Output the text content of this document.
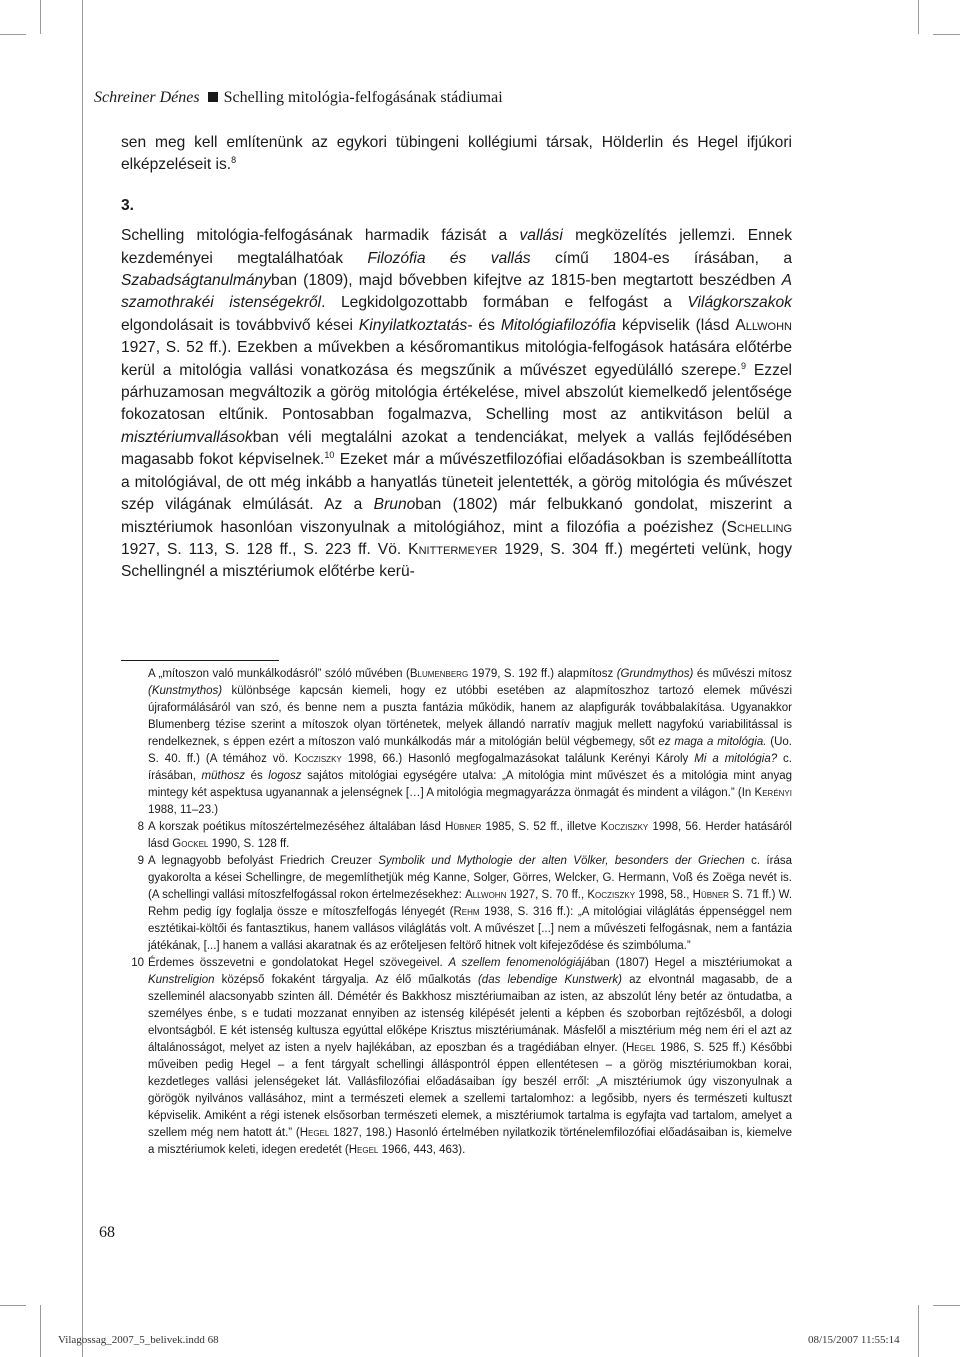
Schreiner Dénes Schelling mitológia-felfogásának stádiumai

sen meg kell említenünk az egykori tübingeni kollégiumi társak, Hölderlin és Hegel ifjúkori elképzeléseit is.$^8$

3.

Schelling mitológia-felfogásának harmadik fázisát a vallási megközelítés jellemzi. Ennek kezdeményei megtalálhatóak Filozófia és vallás című 1804-es írásában, a Szabadságtanulmányban (1809), majd bővebben kifejtve az 1815-ben megtartott beszédben A szamothrakéi istenségekről. Legkidolgozottabb formában e felfogást a Világkorszakok elgondolásait is továbbvivő kései Kinyilatkoztatás- és Mitológiafilozófia képviselik (lásd Allwohn 1927, S. 52 ff.). Ezekben a művekben a későromantikus mitológia-felfogások hatására előtérbe kerül a mitológia vallási vonatkozása és megszűnik a művészet egyedülálló szerepe.$^9$ Ezzel párhuzamosan megváltozik a görög mitológia értékelése, mivel abszolút kiemelkedő jelentősége fokozatosan eltűnik. Pontosabban fogalmazva, Schelling most az antikvitáson belül a misztériumvallásokban véli megtalálni azokat a tendenciákat, melyek a vallás fejlődésében magasabb fokot képviselnek.$^{10}$ Ezeket már a művészetfilozófiai előadásokban is szembeállította a mitológiával, de ott még inkább a hanyatlás tüneteit jelentették, a görög mitológia és művészet szép világának elmúlását. Az a Brunoban (1802) már felbukkanó gondolat, miszerint a misztériumok hasonlóan viszonyulnak a mitológiához, mint a filozófia a poézishez (Schelling 1927, S. 113, S. 128 ff., S. 223 ff. Vö. Knittermeyer 1929, S. 304 ff.) megérteti velünk, hogy Schellingnél a misztériumok előtérbe kerü-

A „mítoszon való munkálkodásról” szóló művében (Blumenberg 1979, S. 192 ff.) alapmítosz (Grundmythos) és művészi mítosz (Kunstmythos) különbsége kapcsán kiemeli, hogy ez utóbbi esetében az alapmítoszhoz tartozó elemek művészi újraformálásáról van szó, és benne nem a puszta fantázia működik, hanem az alapfigurák továbbalakítása. Ugyanakkor Blumenberg tézise szerint a mítoszok olyan történetek, melyek állandó narratív magjuk mellett nagyfokú variabilitással is rendelkeznek, s éppen ezért a mítoszon való munkálkodás már a mitológián belül végbemegy, sőt ez maga a mitológia. (Uo. S. 40. ff.) (A témához vö. Kocziszky 1998, 66.) Hasonló megfogalmazásokat találunk Kerényi Károly Mi a mitológia? c. írásában, müthosz és logosz sajátos mitológiai egységére utalva: „A mitológia mint művészet és a mitológia mint anyag mintegy két aspektusa ugyanannak a jelenségnek […] A mitológia megmagyarázza önmagát és mindent a világon.” (In Kerényi 1988, 11–23.)

8 A korszak poétikus mítoszértelmezéséhez általában lásd Hübner 1985, S. 52 ff., illetve Kocziszky 1998, 56. Herder hatásáról lásd Gockel 1990, S. 128 ff.

9 A legnagyobb befolyást Friedrich Creuzer Symbolik und Mythologie der alten Völker, besonders der Griechen c. írása gyakorolta a kései Schellingre, de megemlíthetjük még Kanne, Solger, Görres, Welcker, G. Hermann, Voß és Zoëga nevét is. (A schellingi vallási mítoszfelfogással rokon értelmezésekhez: Allwohn 1927, S. 70 ff., Kocziszky 1998, 58., Hübner S. 71 ff.) W. Rehm pedig így foglalja össze e mítoszfelfogás lényegét (Rehm 1938, S. 316 ff.): „A mitológiai világlátás éppenséggel nem esztétikai-költői és fantasztikus, hanem vallásos világlátás volt. A művészet [...] nem a művészeti felfogásnak, nem a fantázia játékának, [...] hanem a vallási akaratnak és az erőteljesen feltörő hitnek volt kifejeződése és szimbóluma.”

10 Érdemes összevetni e gondolatokat Hegel szövegeivel. A szellem fenomenológiájában (1807) Hegel a misztériumokat a Kunstreligion középső fokaként tárgyalja. Az élő műalkotás (das lebendige Kunstwerk) az elvontnál magasabb, de a szelleminél alacsonyabb szinten áll. Démétér és Bakkhosz misztériumaiban az isten, az abszolút lény betér az öntudatba, a személyes énbe, s e tudati mozzanat ennyiben az istenség kilépését jelenti a képben és szoborban rejtőzésből, a dologi elvontságból. E két istenség kultusza egyúttal előképe Krisztus misztériumának. Másfelől a misztérium még nem éri el azt az általánosságot, melyet az isten a nyelv hajlékában, az eposzban és a tragédiában elnyer. (Hegel 1986, S. 525 ff.) Későbbi műveiben pedig Hegel – a fent tárgyalt schellingi álláspontról éppen ellentétesen – a görög misztériumokban korai, kezdetleges vallási jelenségeket lát. Vallásfilozófiai előadásaiban így beszél erről: „A misztériumok úgy viszonyulnak a görögök nyilvános vallásához, mint a természeti elemek a szellemi tartalomhoz: a legősibb, nyers és természeti kultuszt képviselik. Amiként a régi istenek elsősorban természeti elemek, a misztériumok tartalma is egyfajta vad tartalom, amelyet a szellem még nem hatott át.” (Hegel 1827, 198.) Hasonló értelmében nyilatkozik történelemfilozófiai előadásaiban is, kiemelve a misztériumok keleti, idegen eredetét (Hegel 1966, 443, 463).

68
Vilagossag_2007_5_belivek.indd 68	08/15/2007 11:55:14
